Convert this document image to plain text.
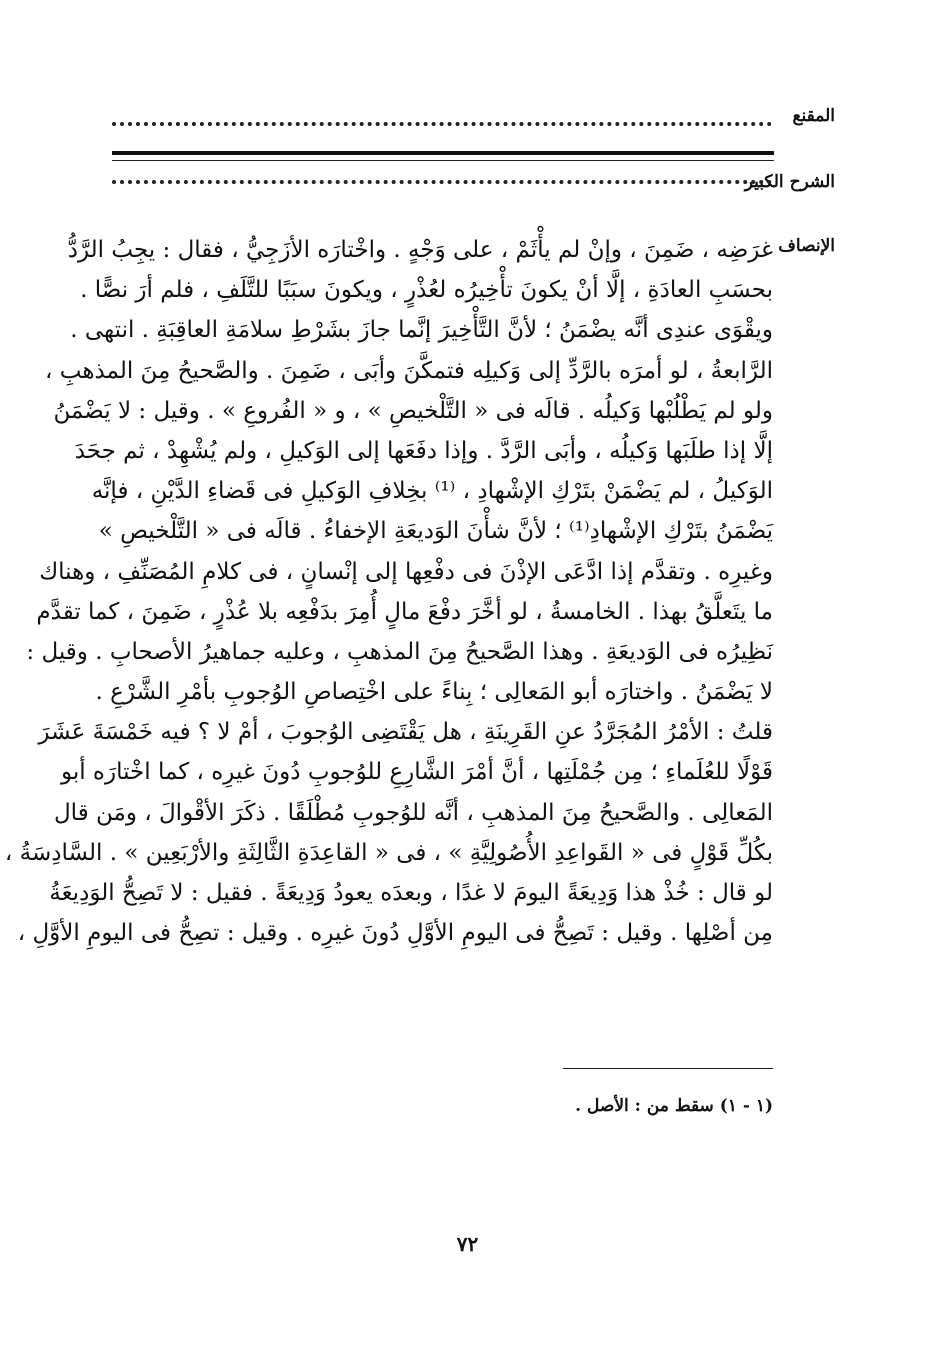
المقنع
الشرح الكبير
الإنصاف
غرَضِه ، ضَمِنَ ، وإنْ لم يأْثَمْ ، على وَجْهٍ . واخْتارَه الأزَجِيُّ ، فقال : يجِبُ الرَّدُّ
بحسَبِ العادَةِ ، إلَّا أنْ يكونَ تأْخِيرُه لعُذْرٍ ، ويكونَ سبَبًا للتَّلَفِ ، فلم أرَ نصًّا .
ويقْوَى عندِى أنَّه يضْمَنُ ؛ لأنَّ التَّأْخِيرَ إنَّما جازَ بشَرْطِ سلامَةِ العاقِبَةِ . انتهى .
الرَّابعةُ ، لو أمرَه بالرَّدِّ إلى وَكيلِه فتمكَّنَ وأبَى ، ضَمِنَ . والصَّحيحُ مِنَ المذهبِ ،
ولو لم يَطْلُبْها وَكيلُه . قالَه فى « التَّلْخيصِ » ، و « الفُروعِ » . وقيل : لا يَضْمَنُ
إلَّا إذا طلَبَها وَكيلُه ، وأبَى الرَّدَّ . وإذا دفَعَها إلى الوَكيلِ ، ولم يُشْهِدْ ، ثم جحَدَ
الوَكيلُ ، لم يَضْمَنْ بتَرْكِ الإشْهادِ ، ⁽¹⁾ بخِلافِ الوَكيلِ فى قَضاءِ الدَّيْنِ ، فإنَّه
يَضْمَنُ بتَرْكِ الإشْهادِ⁽¹⁾ ؛ لأنَّ شأْنَ الوَديعَةِ الإخفاءُ . قالَه فى « التَّلْخيصِ »
وغيرِه . وتقدَّم إذا ادَّعَى الإذْنَ فى دفْعِها إلى إنْسانٍ ، فى كلامِ المُصَنِّفِ ، وهناك
ما يتَعلَّقُ بهذا . الخامسةُ ، لو أخَّرَ دفْعَ مالٍ أُمِرَ بدَفْعِه بلا عُذْرٍ ، ضَمِنَ ، كما تقدَّم
نَظِيرُه فى الوَديعَةِ . وهذا الصَّحيحُ مِنَ المذهبِ ، وعليه جماهيرُ الأصحابِ . وقيل :
لا يَضْمَنُ . واختارَه أبو المَعالِى ؛ بِناءً على اخْتِصاصِ الوُجوبِ بأمْرِ الشَّرْعِ .
قلتُ : الأمْرُ المُجَرَّدُ عنِ القَرِينَةِ ، هل يَقْتَضِى الوُجوبَ ، أمْ لا ؟ فيه خَمْسَةَ عَشَرَ
قَوْلًا للعُلَماءِ ؛ مِن جُمْلَتِها ، أنَّ أمْرَ الشَّارِعِ للوُجوبِ دُونَ غيرِه ، كما اخْتارَه أبو
المَعالِى . والصَّحيحُ مِنَ المذهبِ ، أنَّه للوُجوبِ مُطْلَقًا . ذكَرَ الأقْوالَ ، ومَن قال
بكُلِّ قَوْلٍ فى « القَواعِدِ الأُصُولِيَّةِ » ، فى « القاعِدَةِ الثَّالِثَةِ والأرْبَعِين » . السَّادِسَةُ ،
لو قال : خُذْ هذا وَدِيعَةً اليومَ لا غدًا ، وبعدَه يعودُ وَدِيعَةً . فقيل : لا تَصِحُّ الوَدِيعَةُ
مِن أصْلِها . وقيل : تَصِحُّ فى اليومِ الأوَّلِ دُونَ غيرِه . وقيل : تصِحُّ فى اليومِ الأوَّلِ ،
(١ - ١) سقط من : الأصل .
٧٢
